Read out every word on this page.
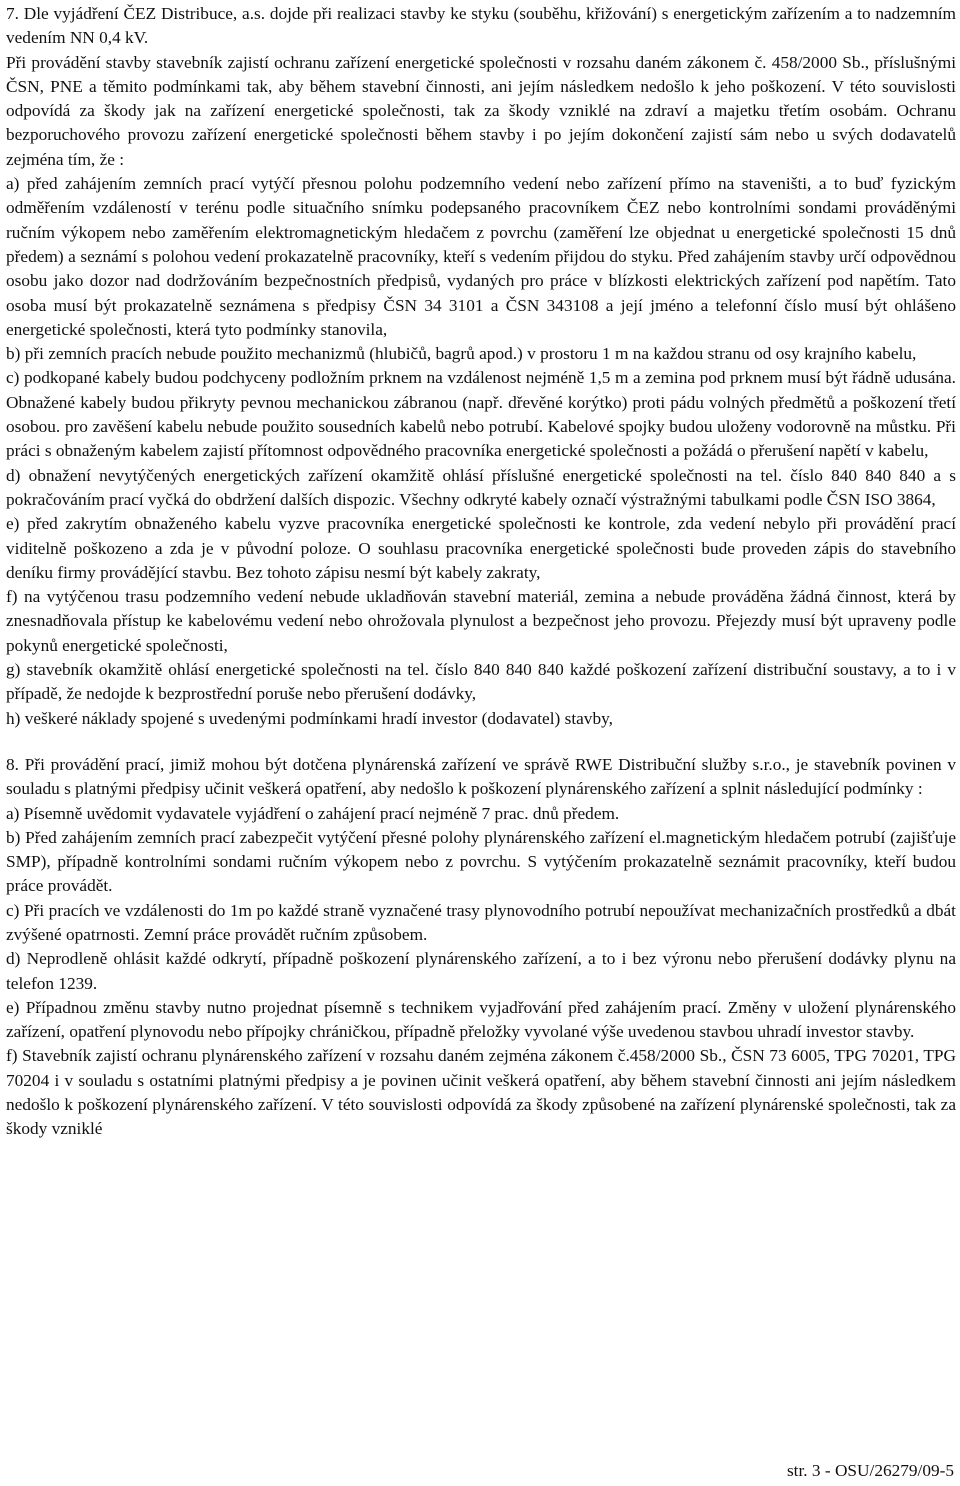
7. Dle vyjádření ČEZ Distribuce, a.s. dojde při realizaci stavby ke styku (souběhu, křižování) s energetickým zařízením a to nadzemním vedením NN 0,4 kV.

Při provádění stavby stavebník zajistí ochranu zařízení energetické společnosti v rozsahu daném zákonem č. 458/2000 Sb., příslušnými ČSN, PNE a těmito podmínkami tak, aby během stavební činnosti, ani jejím následkem nedošlo k jeho poškození. V této souvislosti odpovídá za škody jak na zařízení energetické společnosti, tak za škody vzniklé na zdraví a majetku třetím osobám. Ochranu bezporuchového provozu zařízení energetické společnosti během stavby i po jejím dokončení zajistí sám nebo u svých dodavatelů zejména tím, že :

a) před zahájením zemních prací vytýčí přesnou polohu podzemního vedení nebo zařízení přímo na staveništi, a to buď fyzickým odměřením vzdáleností v terénu podle situačního snímku podepsaného pracovníkem ČEZ nebo kontrolními sondami prováděnými ručním výkopem nebo zaměřením elektromagnetickým hledačem z povrchu (zaměření lze objednat u energetické společnosti 15 dnů předem) a seznámí s polohou vedení prokazatelně pracovníky, kteří s vedením přijdou do styku. Před zahájením stavby určí odpovědnou osobu jako dozor nad dodržováním bezpečnostních předpisů, vydaných pro práce v blízkosti elektrických zařízení pod napětím. Tato osoba musí být prokazatelně seznámena s předpisy ČSN 34 3101 a ČSN 343108 a její jméno a telefonní číslo musí být ohlášeno energetické společnosti, která tyto podmínky stanovila,

b) při zemních pracích nebude použito mechanizmů (hlubičů, bagrů apod.) v prostoru 1 m na každou stranu od osy krajního kabelu,

c) podkopané kabely budou podchyceny podložním prknem na vzdálenost nejméně 1,5 m a zemina pod prknem musí být řádně udusána. Obnažené kabely budou přikryty pevnou mechanickou zábranou (např. dřevěné korýtko) proti pádu volných předmětů a poškození třetí osobou. pro zavěšení kabelu nebude použito sousedních kabelů nebo potrubí. Kabelové spojky budou uloženy vodorovně na můstku. Při práci s obnaženým kabelem zajistí přítomnost odpovědného pracovníka energetické společnosti a požádá o přerušení napětí v kabelu,

d) obnažení nevytýčených energetických zařízení okamžitě ohlásí příslušné energetické společnosti na tel. číslo 840 840 840 a s pokračováním prací vyčká do obdržení dalších dispozic. Všechny odkryté kabely označí výstražnými tabulkami podle ČSN ISO 3864,

e) před zakrytím obnaženého kabelu vyzve pracovníka energetické společnosti ke kontrole, zda vedení nebylo při provádění prací viditelně poškozeno a zda je v původní poloze. O souhlasu pracovníka energetické společnosti bude proveden zápis do stavebního deníku firmy provádějící stavbu. Bez tohoto zápisu nesmí být kabely zakraty,

f) na vytýčenou trasu podzemního vedení nebude ukladňován stavební materiál, zemina a nebude prováděna žádná činnost, která by znesnadňovala přístup ke kabelovému vedení nebo ohrožovala plynulost a bezpečnost jeho provozu. Přejezdy musí být upraveny podle pokynů energetické společnosti,

g) stavebník okamžitě ohlásí energetické společnosti na tel. číslo 840 840 840 každé poškození zařízení distribuční soustavy, a to i v případě, že nedojde k bezprostřední poruše nebo přerušení dodávky,

h) veškeré náklady spojené s uvedenými podmínkami hradí investor (dodavatel) stavby,

8. Při provádění prací, jimiž mohou být dotčena plynárenská zařízení ve správě RWE Distribuční služby s.r.o., je stavebník povinen v souladu s platnými předpisy učinit veškerá opatření, aby nedošlo k poškození plynárenského zařízení a splnit následující podmínky :

a) Písemně uvědomit vydavatele vyjádření o zahájení prací nejméně 7 prac. dnů předem.

b) Před zahájením zemních prací zabezpečit vytýčení přesné polohy plynárenského zařízení el.magnetickým hledačem potrubí (zajišťuje SMP), případně kontrolními sondami ručním výkopem nebo z povrchu. S vytýčením prokazatelně seznámit pracovníky, kteří budou práce provádět.

c) Při pracích ve vzdálenosti do 1m po každé straně vyznačené trasy plynovodního potrubí nepoužívat mechanizačních prostředků a dbát zvýšené opatrnosti. Zemní práce provádět ručním způsobem.

d) Neprodleně ohlásit každé odkrytí, případně poškození plynárenského zařízení, a to i bez výronu nebo přerušení dodávky plynu na telefon 1239.

e) Případnou změnu stavby nutno projednat písemně s technikem vyjadřování před zahájením prací. Změny v uložení plynárenského zařízení, opatření plynovodu nebo přípojky chráničkou, případně přeložky vyvolané výše uvedenou stavbou uhradí investor stavby.

f) Stavebník zajistí ochranu plynárenského zařízení v rozsahu daném zejména zákonem č.458/2000 Sb., ČSN 73 6005, TPG 70201, TPG 70204 i v souladu s ostatními platnými předpisy a je povinen učinit veškerá opatření, aby během stavební činnosti ani jejím následkem nedošlo k poškození plynárenského zařízení. V této souvislosti odpovídá za škody způsobené na zařízení plynárenské společnosti, tak za škody vzniklé

str. 3 - OSU/26279/09-5
